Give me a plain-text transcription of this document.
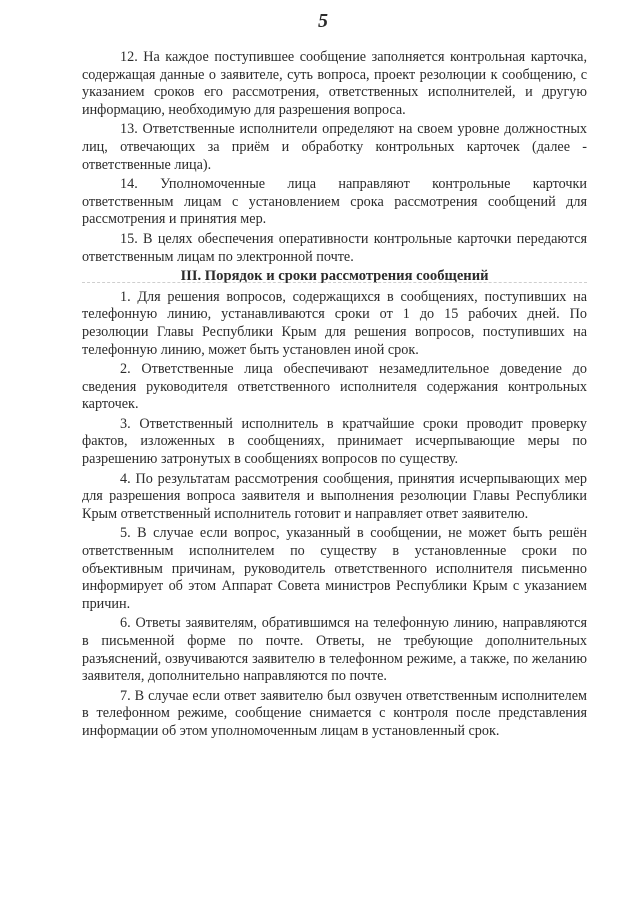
5

12. На каждое поступившее сообщение заполняется контрольная карточка, содержащая данные о заявителе, суть вопроса, проект резолюции к сообщению, с указанием сроков его рассмотрения, ответственных исполнителей, и другую информацию, необходимую для разрешения вопроса.

13. Ответственные исполнители определяют на своем уровне должностных лиц, отвечающих за приём и обработку контрольных карточек (далее - ответственные лица).

14. Уполномоченные лица направляют контрольные карточки ответственным лицам с установлением срока рассмотрения сообщений для рассмотрения и принятия мер.

15. В целях обеспечения оперативности контрольные карточки передаются ответственным лицам по электронной почте.

III. Порядок и сроки рассмотрения сообщений

1. Для решения вопросов, содержащихся в сообщениях, поступивших на телефонную линию, устанавливаются сроки от 1 до 15 рабочих дней. По резолюции Главы Республики Крым для решения вопросов, поступивших на телефонную линию, может быть установлен иной срок.

2. Ответственные лица обеспечивают незамедлительное доведение до сведения руководителя ответственного исполнителя содержания контрольных карточек.

3. Ответственный исполнитель в кратчайшие сроки проводит проверку фактов, изложенных в сообщениях, принимает исчерпывающие меры по разрешению затронутых в сообщениях вопросов по существу.

4. По результатам рассмотрения сообщения, принятия исчерпывающих мер для разрешения вопроса заявителя и выполнения резолюции Главы Республики Крым ответственный исполнитель готовит и направляет ответ заявителю.

5. В случае если вопрос, указанный в сообщении, не может быть решён ответственным исполнителем по существу в установленные сроки по объективным причинам, руководитель ответственного исполнителя письменно информирует об этом Аппарат Совета министров Республики Крым с указанием причин.

6. Ответы заявителям, обратившимся на телефонную линию, направляются в письменной форме по почте. Ответы, не требующие дополнительных разъяснений, озвучиваются заявителю в телефонном режиме, а также, по желанию заявителя, дополнительно направляются по почте.

7. В случае если ответ заявителю был озвучен ответственным исполнителем в телефонном режиме, сообщение снимается с контроля после представления информации об этом уполномоченным лицам в установленный срок.
